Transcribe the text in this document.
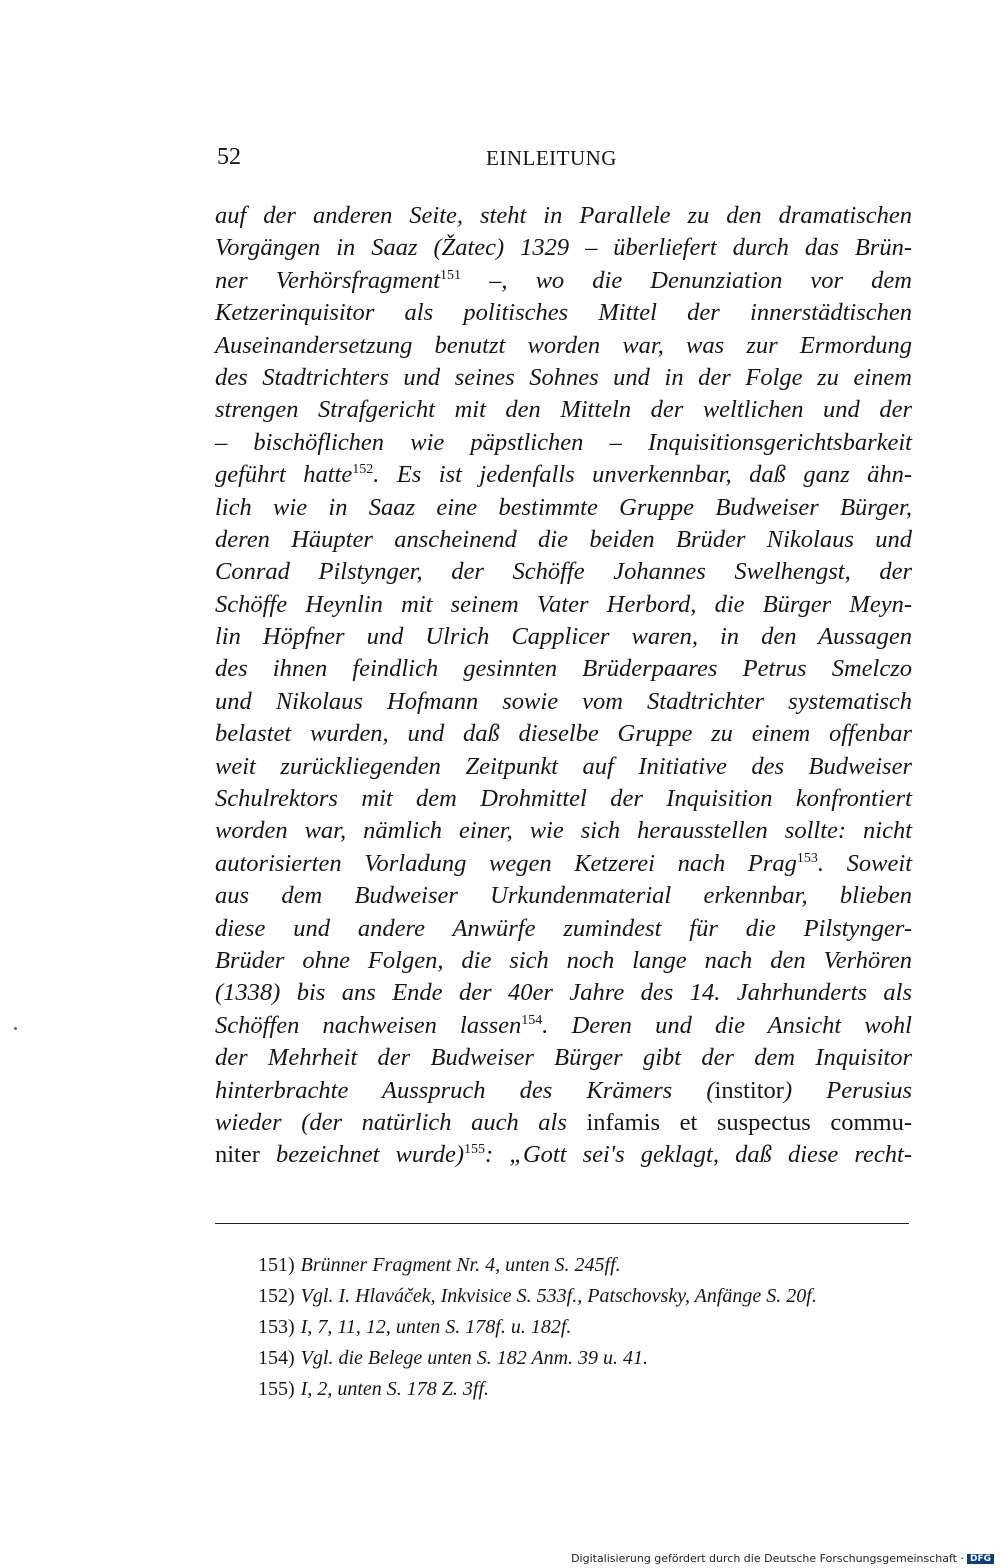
52	EINLEITUNG
auf der anderen Seite, steht in Parallele zu den dramatischen
Vorgängen in Saaz (Žatec) 1329 – überliefert durch das Brün-
ner Verhörsfragment$^{151}$ –, wo die Denunziation vor dem
Ketzerinquisitor als politisches Mittel der innerstädtischen
Auseinandersetzung benutzt worden war, was zur Ermordung
des Stadtrichters und seines Sohnes und in der Folge zu einem
strengen Strafgericht mit den Mitteln der weltlichen und der
– bischöflichen wie päpstlichen – Inquisitionsgerichtsbarkeit
geführt hatte$^{152}$. Es ist jedenfalls unverkennbar, daß ganz ähn-
lich wie in Saaz eine bestimmte Gruppe Budweiser Bürger,
deren Häupter anscheinend die beiden Brüder Nikolaus und
Conrad Pilstynger, der Schöffe Johannes Swelhengst, der
Schöffe Heynlin mit seinem Vater Herbord, die Bürger Meyn-
lin Höpfner und Ulrich Capplicer waren, in den Aussagen
des ihnen feindlich gesinnten Brüderpaares Petrus Smelczo
und Nikolaus Hofmann sowie vom Stadtrichter systematisch
belastet wurden, und daß dieselbe Gruppe zu einem offenbar
weit zurückliegenden Zeitpunkt auf Initiative des Budweiser
Schulrektors mit dem Drohmittel der Inquisition konfrontiert
worden war, nämlich einer, wie sich herausstellen sollte: nicht
autorisierten Vorladung wegen Ketzerei nach Prag$^{153}$. Soweit
aus dem Budweiser Urkundenmaterial erkennbar, blieben
diese und andere Anwürfe zumindest für die Pilstynger-
Brüder ohne Folgen, die sich noch lange nach den Verhören
(1338) bis ans Ende der 40er Jahre des 14. Jahrhunderts als
Schöffen nachweisen lassen$^{154}$. Deren und die Ansicht wohl
der Mehrheit der Budweiser Bürger gibt der dem Inquisitor
hinterbrachte Ausspruch des Krämers (institor) Perusius
wieder (der natürlich auch als infamis et suspectus commu-
niter bezeichnet wurde)$^{155}$: „Gott sei's geklagt, daß diese recht-
151) Brünner Fragment Nr. 4, unten S. 245ff.
152) Vgl. I. Hlaváček, Inkvisice S. 533f., Patschovsky, Anfänge S. 20f.
153) I, 7, 11, 12, unten S. 178f. u. 182f.
154) Vgl. die Belege unten S. 182 Anm. 39 u. 41.
155) I, 2, unten S. 178 Z. 3ff.
Digitalisierung gefördert durch die Deutsche Forschungsgemeinschaft · DFG
